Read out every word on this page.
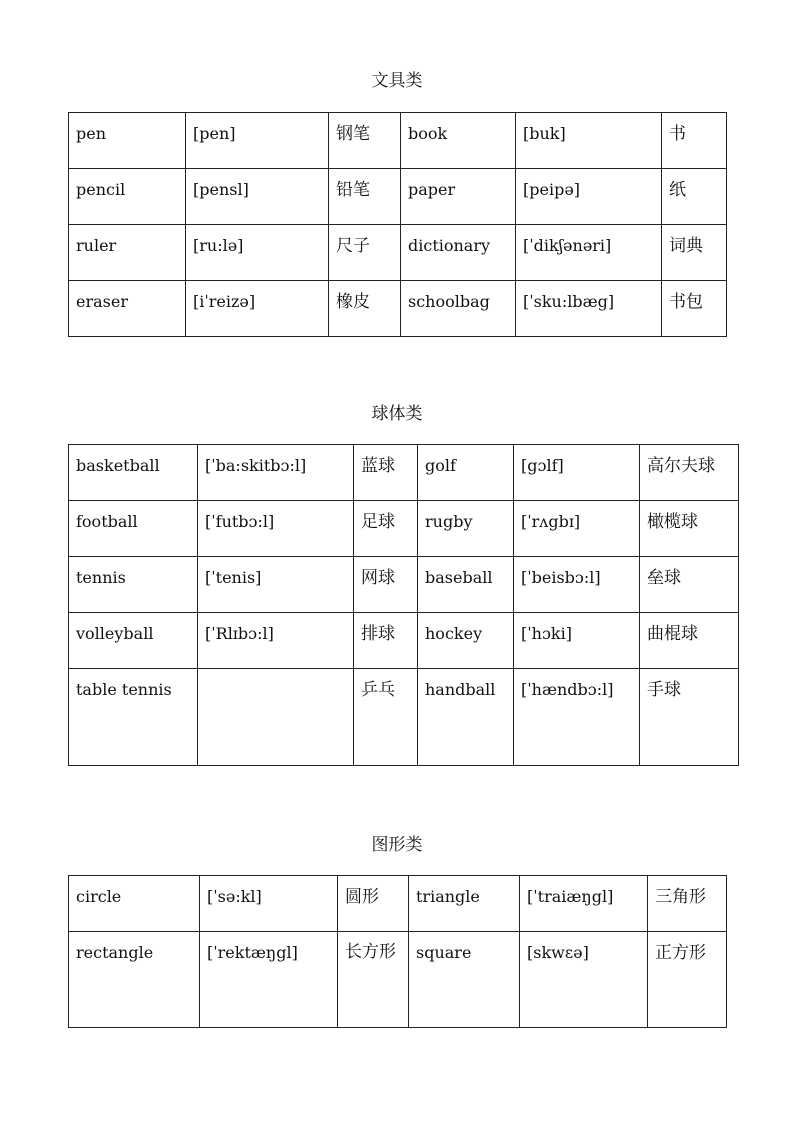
文具类
pen	[pen]	钢笔	book	[buk]	书
pencil	[pensl]	铅笔	paper	[peipə]	纸
ruler	[ru:lə]	尺子	dictionary	[ˈdikʃənəri]	词典
eraser	[iˈreizə]	橡皮	schoolbag	[ˈsku:lbæg]	书包
球体类
basketball	[ˈba:skitbɔ:l]	蓝球	golf	[gɔlf]	高尔夫球
football	[ˈfutbɔ:l]	足球	rugby	[ˈrʌgbɪ]	橄榄球
tennis	[ˈtenis]	网球	baseball	[ˈbeisbɔ:l]	垒球
volleyball	[ˈRlɪbɔ:l]	排球	hockey	[ˈhɔki]	曲棍球
table tennis		乒乓	handball	[ˈhændbɔ:l]	手球
图形类
circle	[ˈsə:kl]	圆形	triangle	[ˈtraiæŋgl]	三角形
rectangle	[ˈrektæŋgl]	长方形	square	[skwɛə]	正方形
